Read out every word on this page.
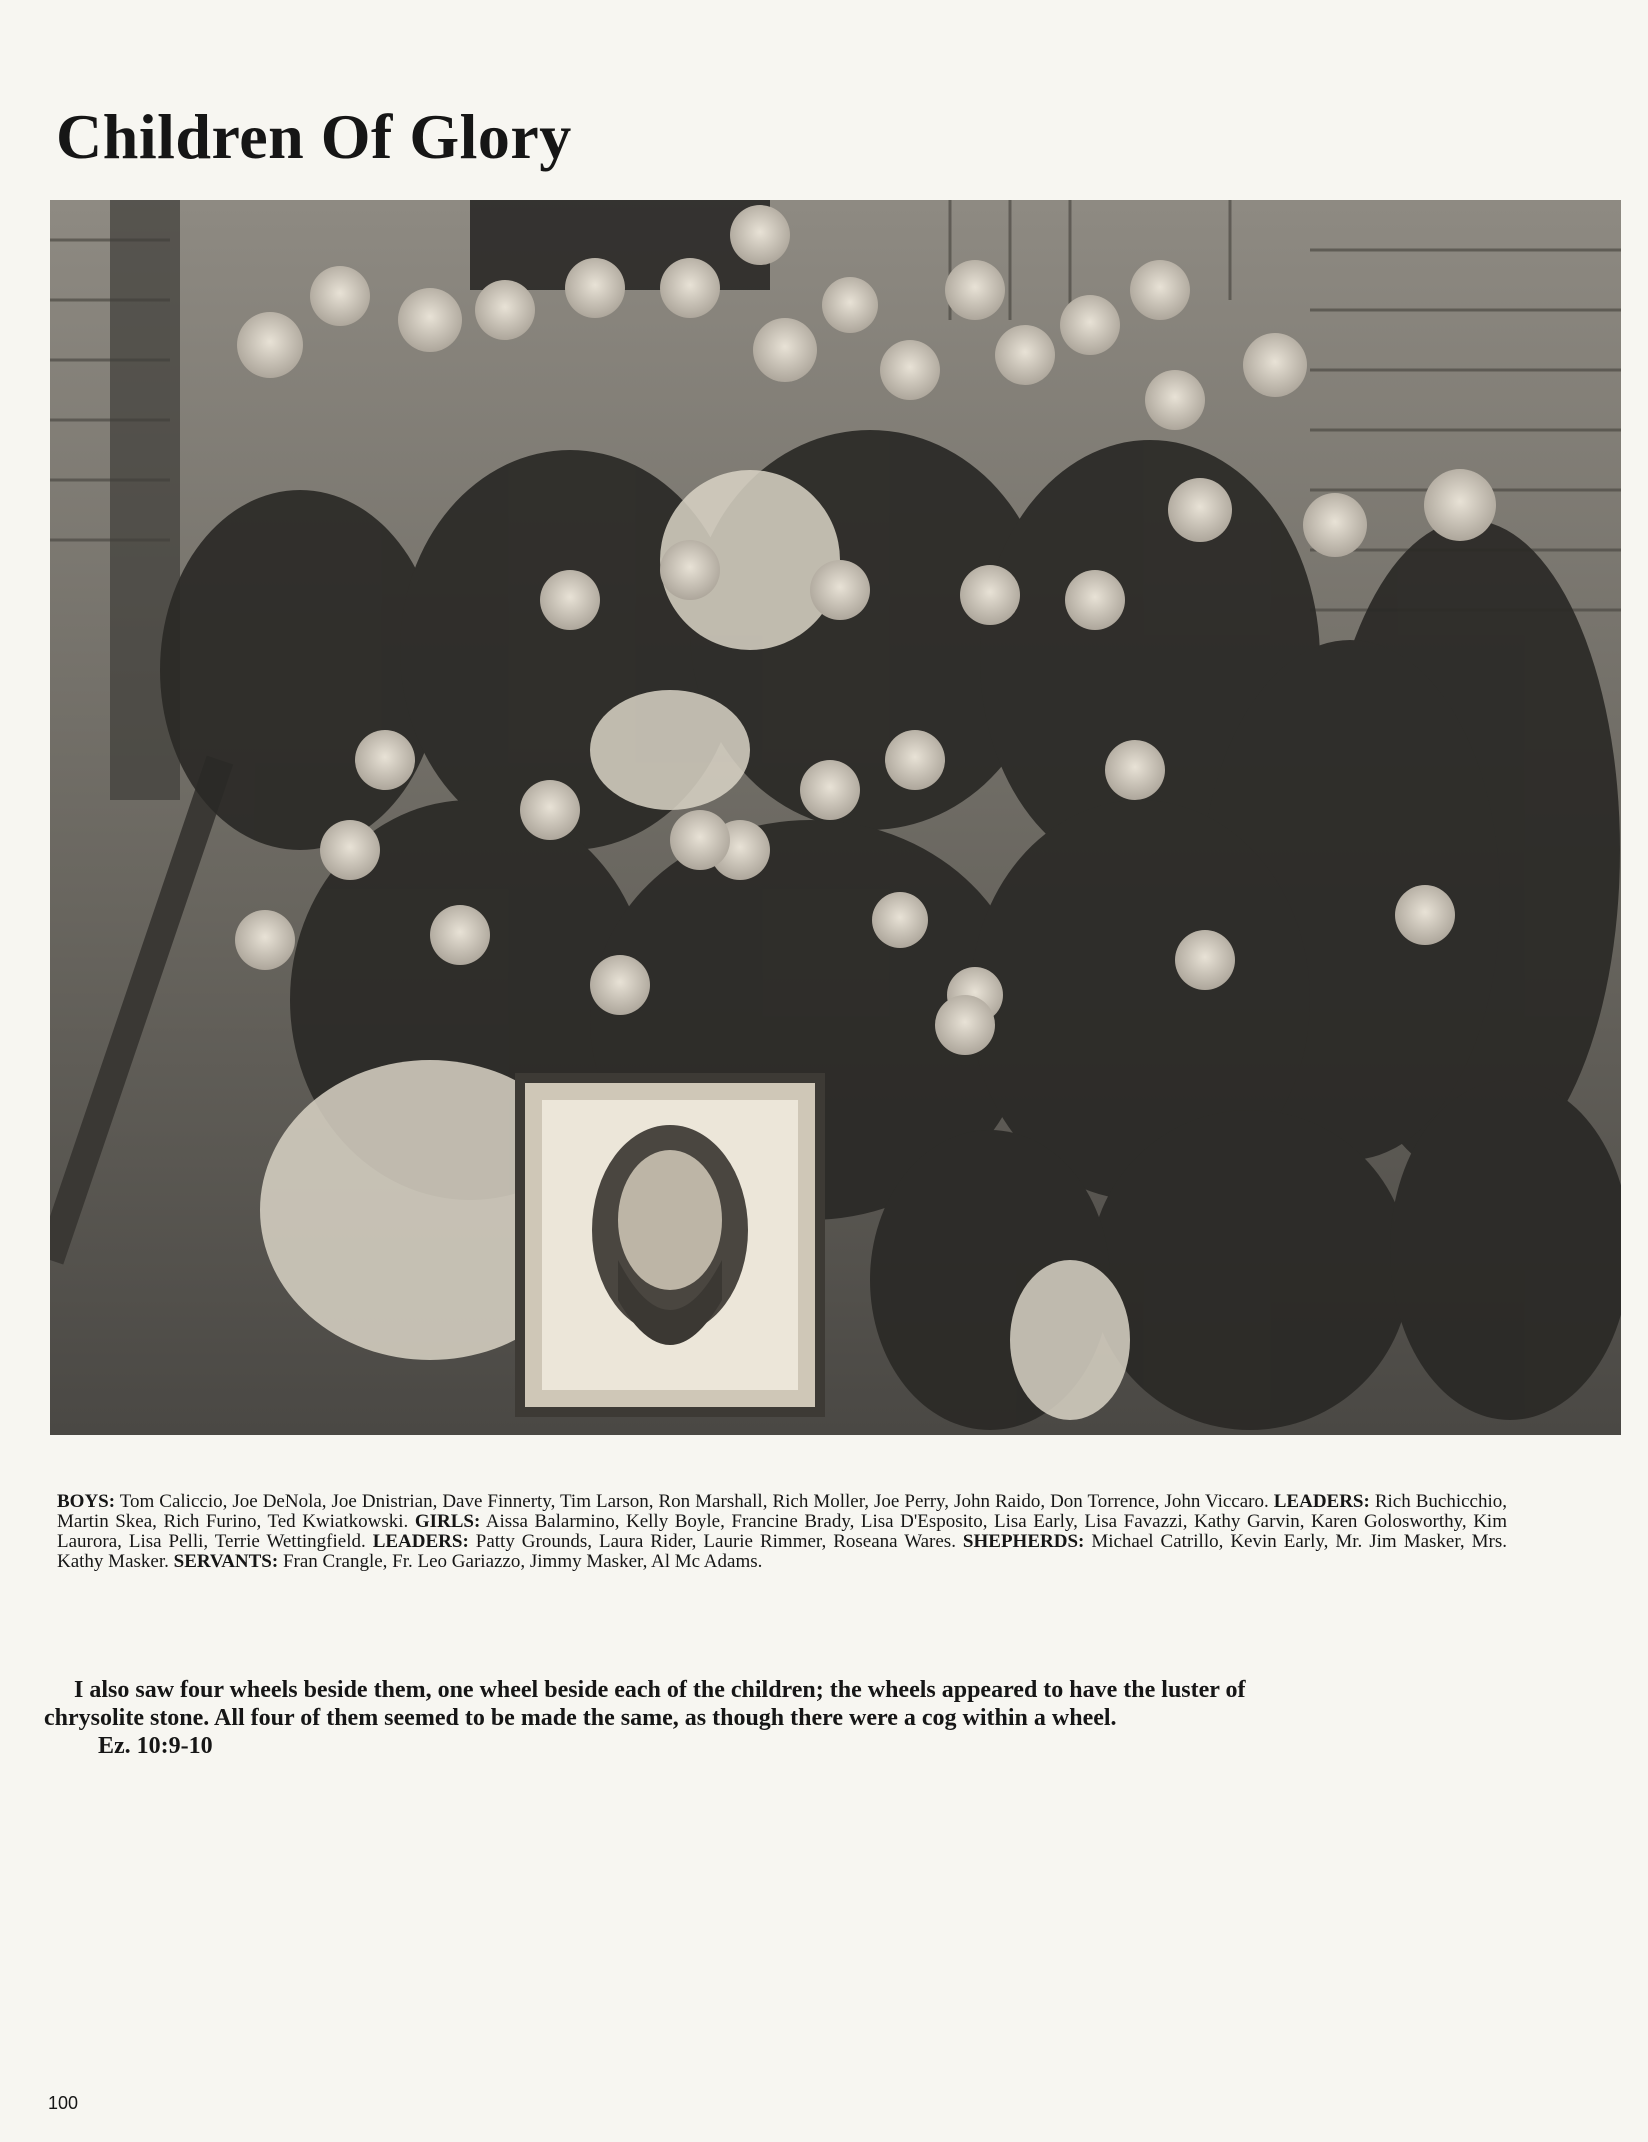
Children Of Glory

BOYS: Tom Caliccio, Joe DeNola, Joe Dnistrian, Dave Finnerty, Tim Larson, Ron Marshall, Rich Moller, Joe Perry, John Raido, Don Torrence, John Viccaro. LEADERS: Rich Buchicchio, Martin Skea, Rich Furino, Ted Kwiatkowski. GIRLS: Aissa Balarmino, Kelly Boyle, Francine Brady, Lisa D'Esposito, Lisa Early, Lisa Favazzi, Kathy Garvin, Karen Golosworthy, Kim Laurora, Lisa Pelli, Terrie Wettingfield. LEADERS: Patty Grounds, Laura Rider, Laurie Rimmer, Roseana Wares. SHEPHERDS: Michael Catrillo, Kevin Early, Mr. Jim Masker, Mrs. Kathy Masker. SERVANTS: Fran Crangle, Fr. Leo Gariazzo, Jimmy Masker, Al Mc Adams.

I also saw four wheels beside them, one wheel beside each of the children; the wheels appeared to have the luster of
chrysolite stone. All four of them seemed to be made the same, as though there were a cog within a wheel.
Ez. 10:9-10

100
